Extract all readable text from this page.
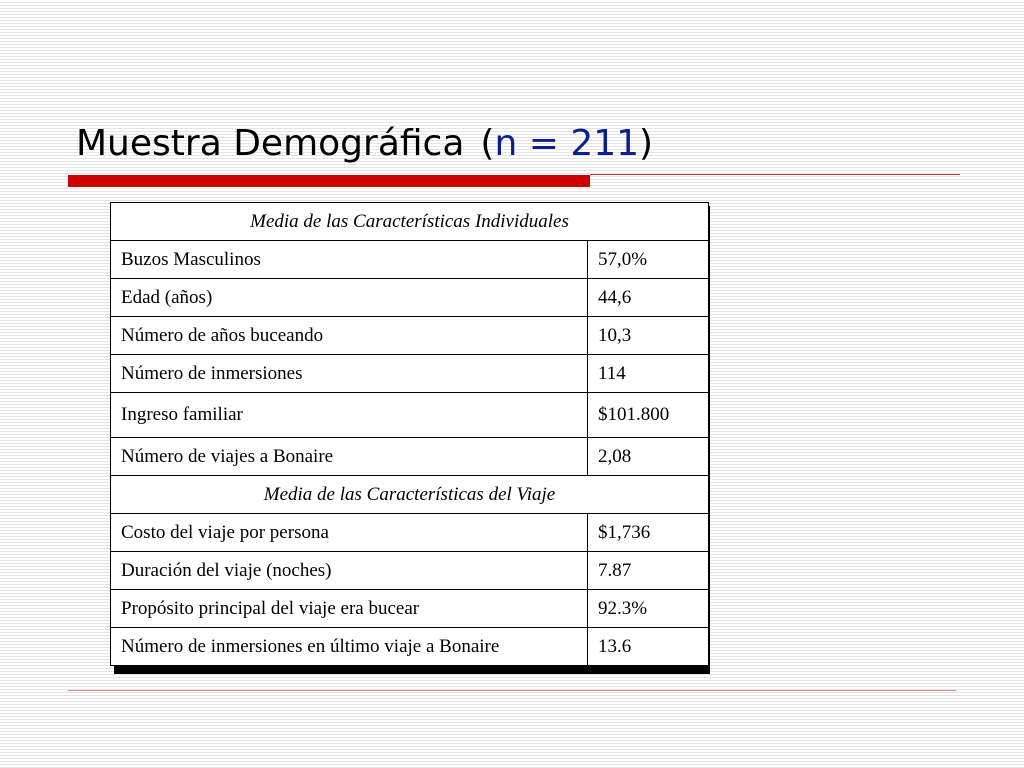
Muestra Demográfica (n = 211)
Media de las Características Individuales	
Buzos Masculinos	57,0%
Edad (años)	44,6
Número de años buceando	10,3
Número de inmersiones	114
Ingreso familiar	$101.800
Número de viajes a Bonaire	2,08
Media de las Características del Viaje	
Costo del viaje por persona	$1,736
Duración del viaje (noches)	7.87
Propósito principal del viaje era bucear	92.3%
Número de inmersiones en último viaje a Bonaire	13.6
